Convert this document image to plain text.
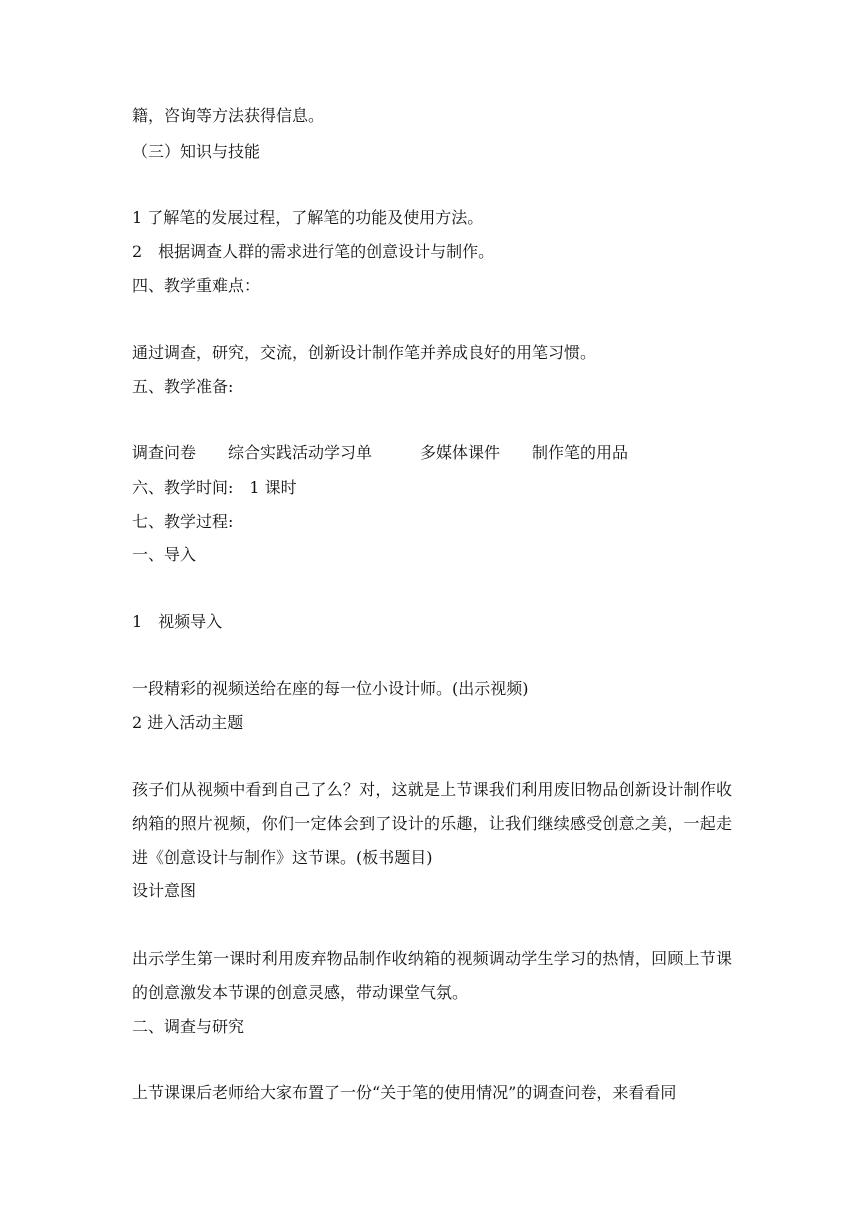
籍，咨询等方法获得信息。
（三）知识与技能
1 了解笔的发展过程，了解笔的功能及使用方法。
2　根据调查人群的需求进行笔的创意设计与制作。
四、教学重难点：
通过调查，研究，交流，创新设计制作笔并养成良好的用笔习惯。
五、教学准备:
调查问卷　　综合实践活动学习单　　　多媒体课件　　制作笔的用品
六、教学时间:　1 课时
七、教学过程:
一、导入
1　视频导入
一段精彩的视频送给在座的每一位小设计师。(出示视频)
2 进入活动主题
孩子们从视频中看到自己了么？对，这就是上节课我们利用废旧物品创新设计制作收纳箱的照片视频，你们一定体会到了设计的乐趣，让我们继续感受创意之美，一起走进《创意设计与制作》这节课。(板书题目)
设计意图
出示学生第一课时利用废弃物品制作收纳箱的视频调动学生学习的热情，回顾上节课的创意激发本节课的创意灵感，带动课堂气氛。
二、调查与研究
上节课课后老师给大家布置了一份“关于笔的使用情况”的调查问卷，来看看同
